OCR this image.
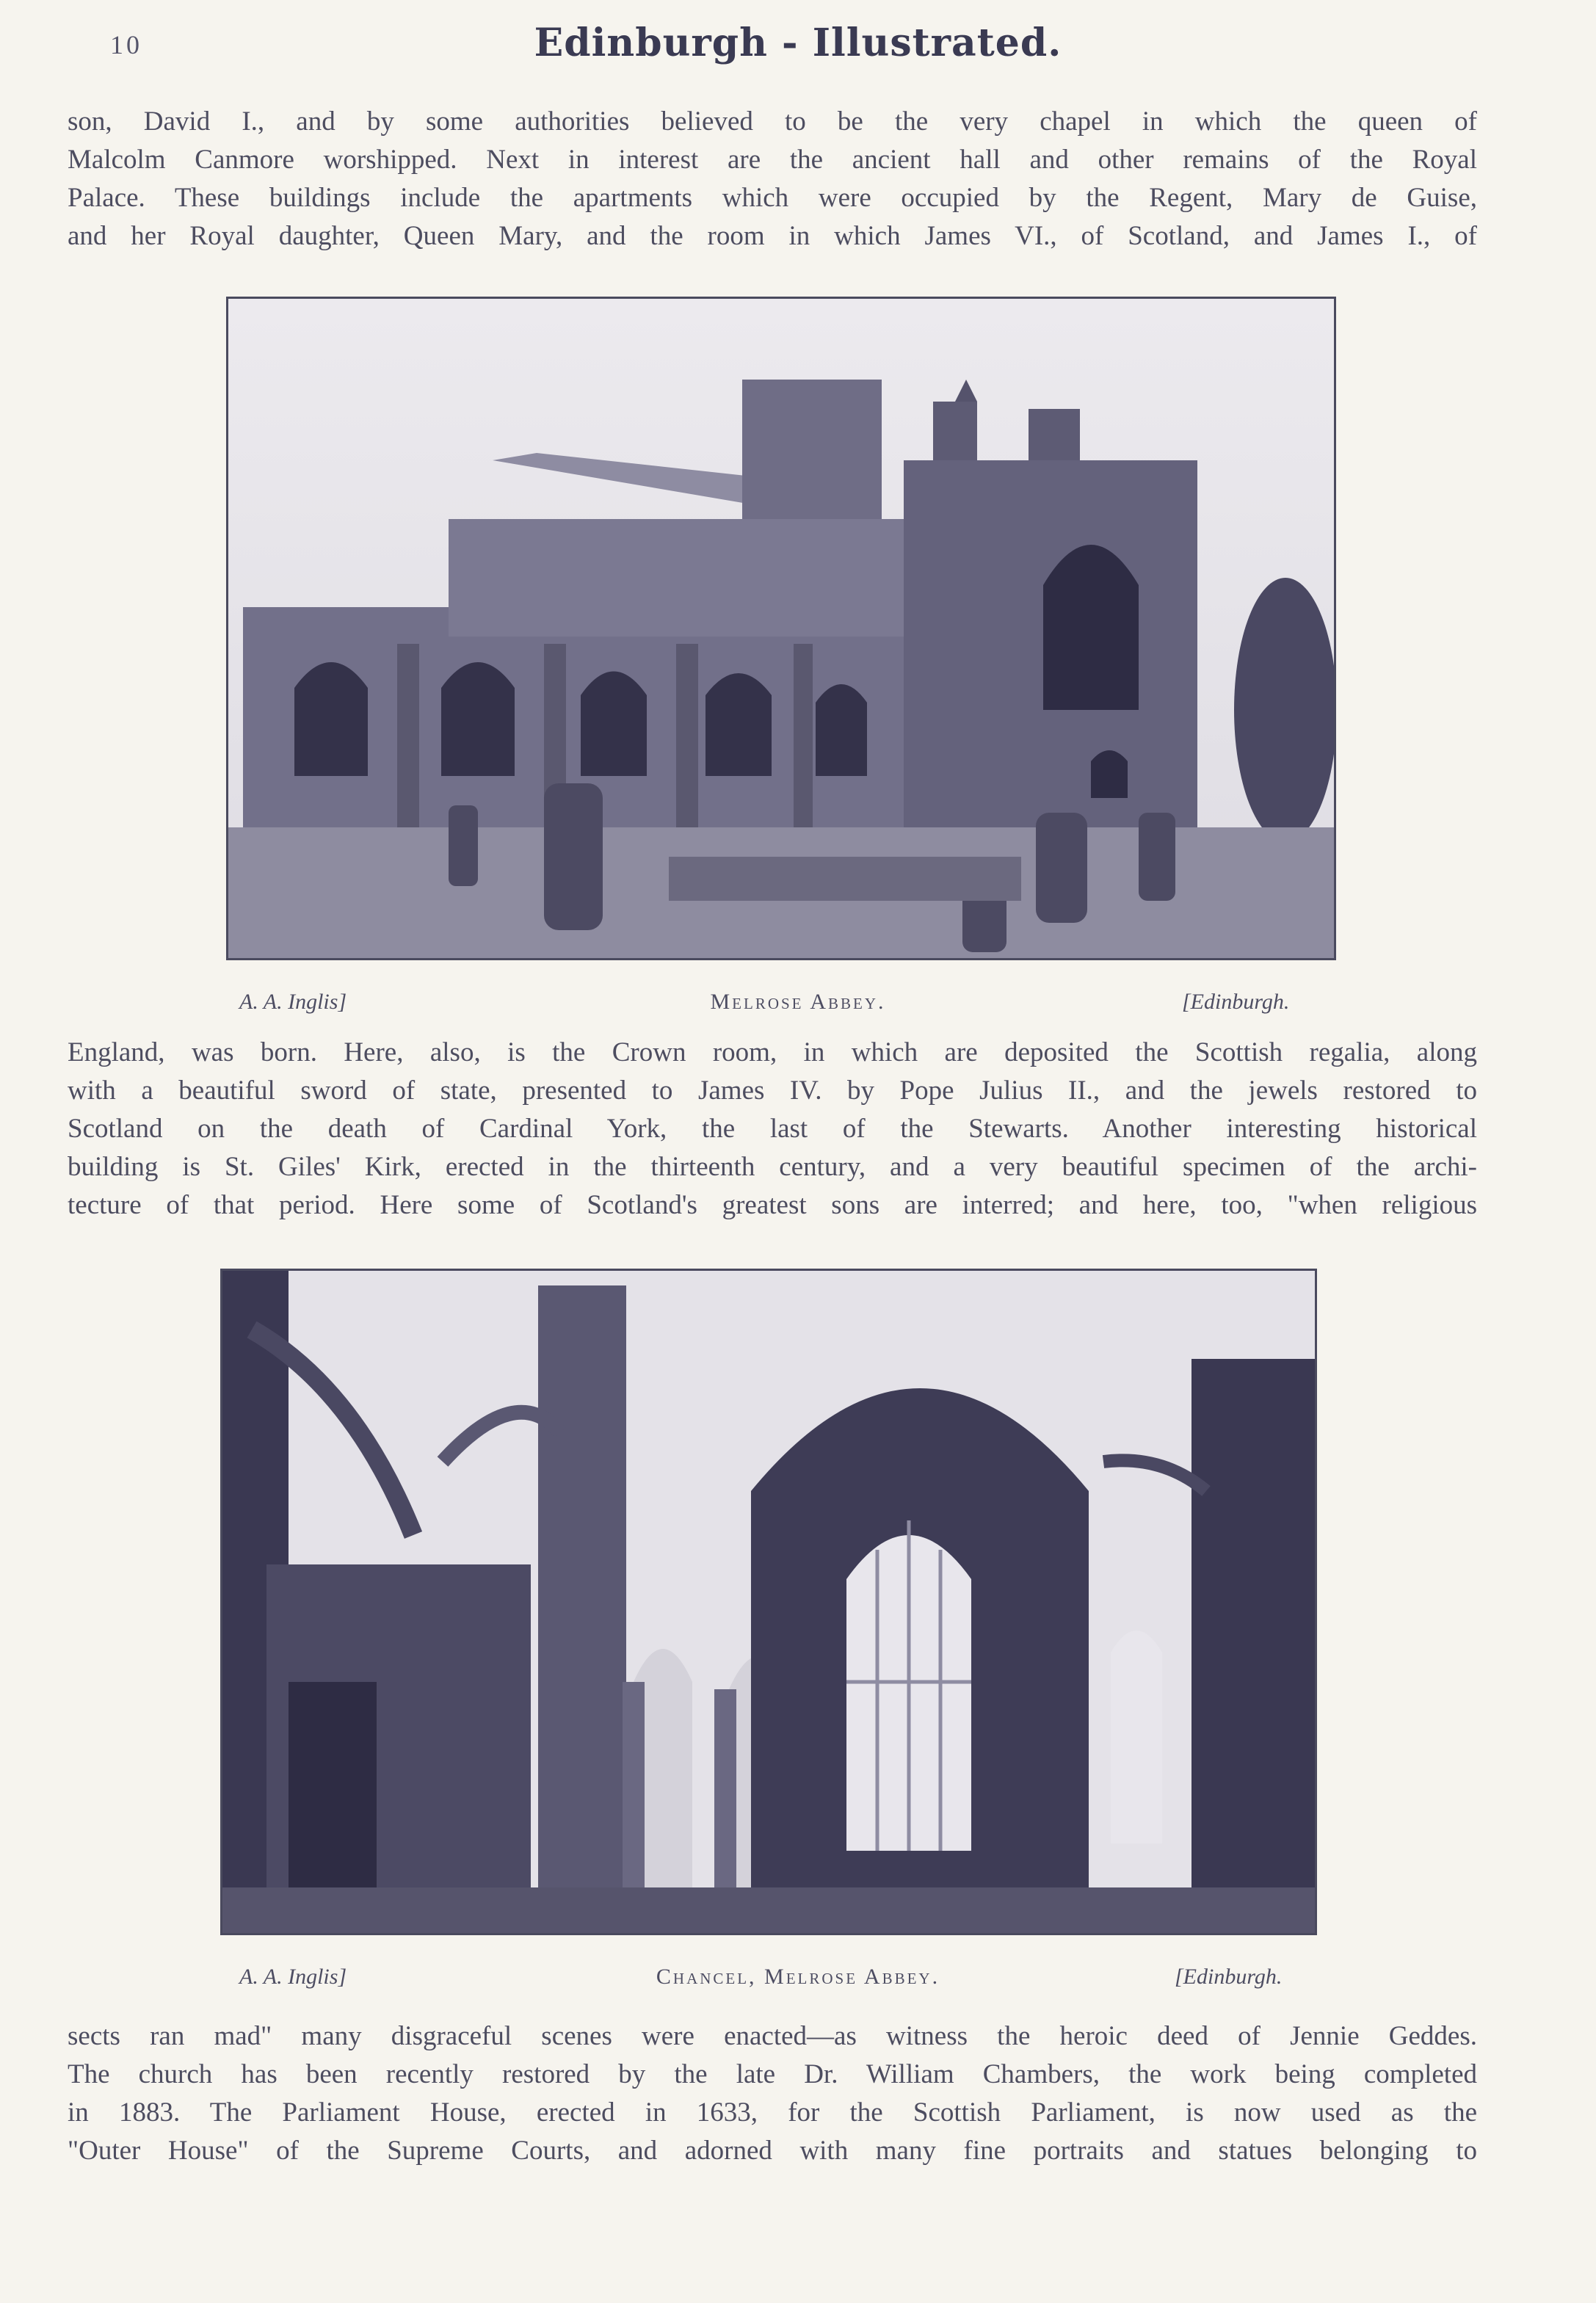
10	Edinburgh - Illustrated.
son, David I., and by some authorities believed to be the very chapel in which the queen of
Malcolm Canmore worshipped. Next in interest are the ancient hall and other remains of the Royal
Palace. These buildings include the apartments which were occupied by the Regent, Mary de Guise,
and her Royal daughter, Queen Mary, and the room in which James VI., of Scotland, and James I., of
A. A. Inglis]	Melrose Abbey.	[Edinburgh.
England, was born. Here, also, is the Crown room, in which are deposited the Scottish regalia, along
with a beautiful sword of state, presented to James IV. by Pope Julius II., and the jewels restored to
Scotland on the death of Cardinal York, the last of the Stewarts. Another interesting historical
building is St. Giles' Kirk, erected in the thirteenth century, and a very beautiful specimen of the archi-
tecture of that period. Here some of Scotland's greatest sons are interred; and here, too, "when religious
A. A. Inglis]	Chancel, Melrose Abbey.	[Edinburgh.
sects ran mad" many disgraceful scenes were enacted—as witness the heroic deed of Jennie Geddes.
The church has been recently restored by the late Dr. William Chambers, the work being completed
in 1883. The Parliament House, erected in 1633, for the Scottish Parliament, is now used as the
"Outer House" of the Supreme Courts, and adorned with many fine portraits and statues belonging to
